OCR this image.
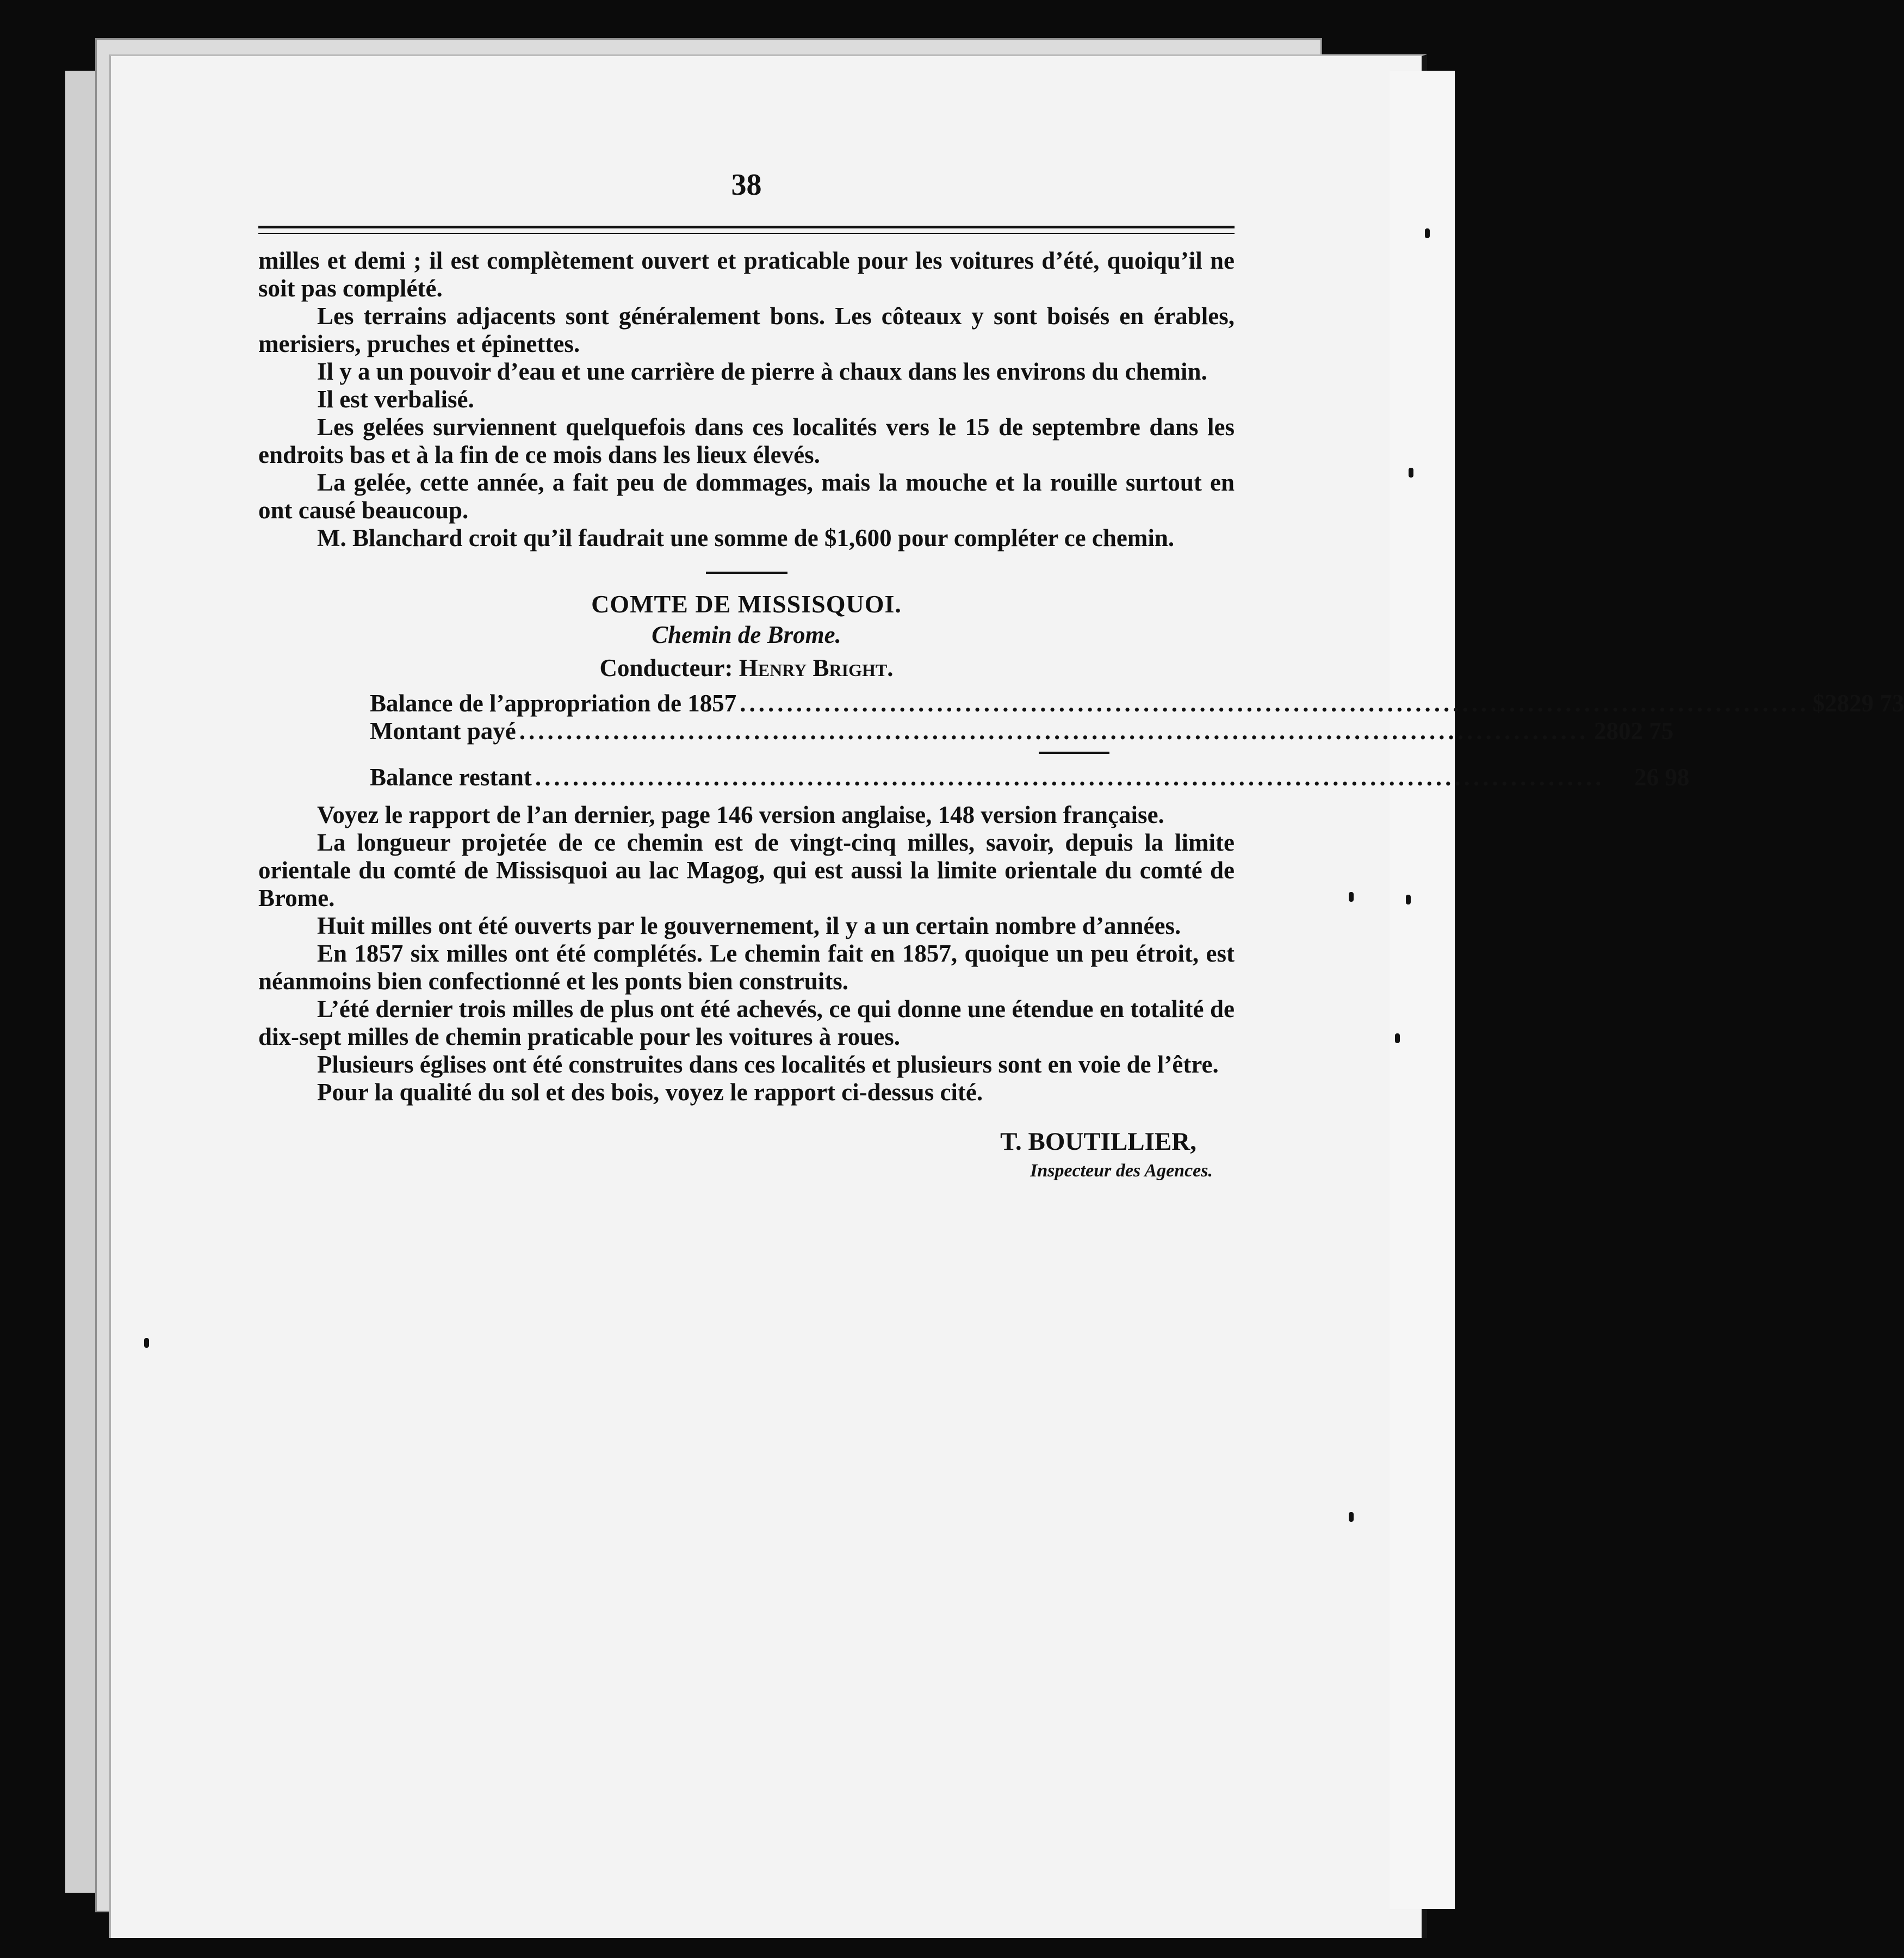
38

milles et demi ; il est complètement ouvert et praticable pour les voitures d’été, quoiqu’il ne soit pas complété.

Les terrains adjacents sont généralement bons. Les côteaux y sont boisés en érables, merisiers, pruches et épinettes.

Il y a un pouvoir d’eau et une carrière de pierre à chaux dans les environs du chemin.

Il est verbalisé.

Les gelées surviennent quelquefois dans ces localités vers le 15 de septembre dans les endroits bas et à la fin de ce mois dans les lieux élevés.

La gelée, cette année, a fait peu de dommages, mais la mouche et la rouille surtout en ont causé beaucoup.

M. Blanchard croit qu’il faudrait une somme de $1,600 pour compléter ce chemin.

COMTE DE MISSISQUOI.
Chemin de Brome.
Conducteur: Henry Bright.
Balance de l’appropriation de 1857 .................................................................................................................. $2829 73
Montant payé .................................................................................................................. 2802 75
Balance restant ..................................................................................................................	26 98

Voyez le rapport de l’an dernier, page 146 version anglaise, 148 version française.

La longueur projetée de ce chemin est de vingt-cinq milles, savoir, depuis la limite orientale du comté de Missisquoi au lac Magog, qui est aussi la limite orientale du comté de Brome.

Huit milles ont été ouverts par le gouvernement, il y a un certain nombre d’années.

En 1857 six milles ont été complétés. Le chemin fait en 1857, quoique un peu étroit, est néanmoins bien confectionné et les ponts bien construits.

L’été dernier trois milles de plus ont été achevés, ce qui donne une étendue en totalité de dix-sept milles de chemin praticable pour les voitures à roues.

Plusieurs églises ont été construites dans ces localités et plusieurs sont en voie de l’être.

Pour la qualité du sol et des bois, voyez le rapport ci-dessus cité.

T. BOUTILLIER,
Inspecteur des Agences.
